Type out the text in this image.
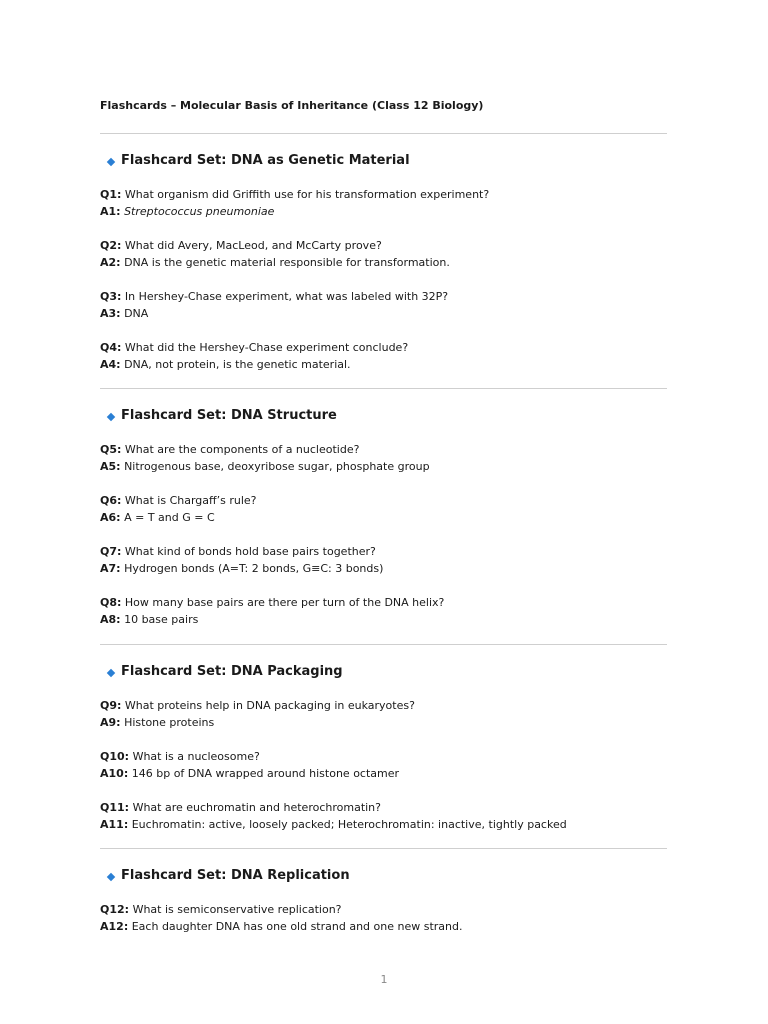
Flashcards – Molecular Basis of Inheritance (Class 12 Biology)
Flashcard Set: DNA as Genetic Material
Q1: What organism did Griffith use for his transformation experiment?
A1: Streptococcus pneumoniae
Q2: What did Avery, MacLeod, and McCarty prove?
A2: DNA is the genetic material responsible for transformation.
Q3: In Hershey-Chase experiment, what was labeled with 32P?
A3: DNA
Q4: What did the Hershey-Chase experiment conclude?
A4: DNA, not protein, is the genetic material.
Flashcard Set: DNA Structure
Q5: What are the components of a nucleotide?
A5: Nitrogenous base, deoxyribose sugar, phosphate group
Q6: What is Chargaff’s rule?
A6: A = T and G = C
Q7: What kind of bonds hold base pairs together?
A7: Hydrogen bonds (A=T: 2 bonds, G≡C: 3 bonds)
Q8: How many base pairs are there per turn of the DNA helix?
A8: 10 base pairs
Flashcard Set: DNA Packaging
Q9: What proteins help in DNA packaging in eukaryotes?
A9: Histone proteins
Q10: What is a nucleosome?
A10: 146 bp of DNA wrapped around histone octamer
Q11: What are euchromatin and heterochromatin?
A11: Euchromatin: active, loosely packed; Heterochromatin: inactive, tightly packed
Flashcard Set: DNA Replication
Q12: What is semiconservative replication?
A12: Each daughter DNA has one old strand and one new strand.
1
